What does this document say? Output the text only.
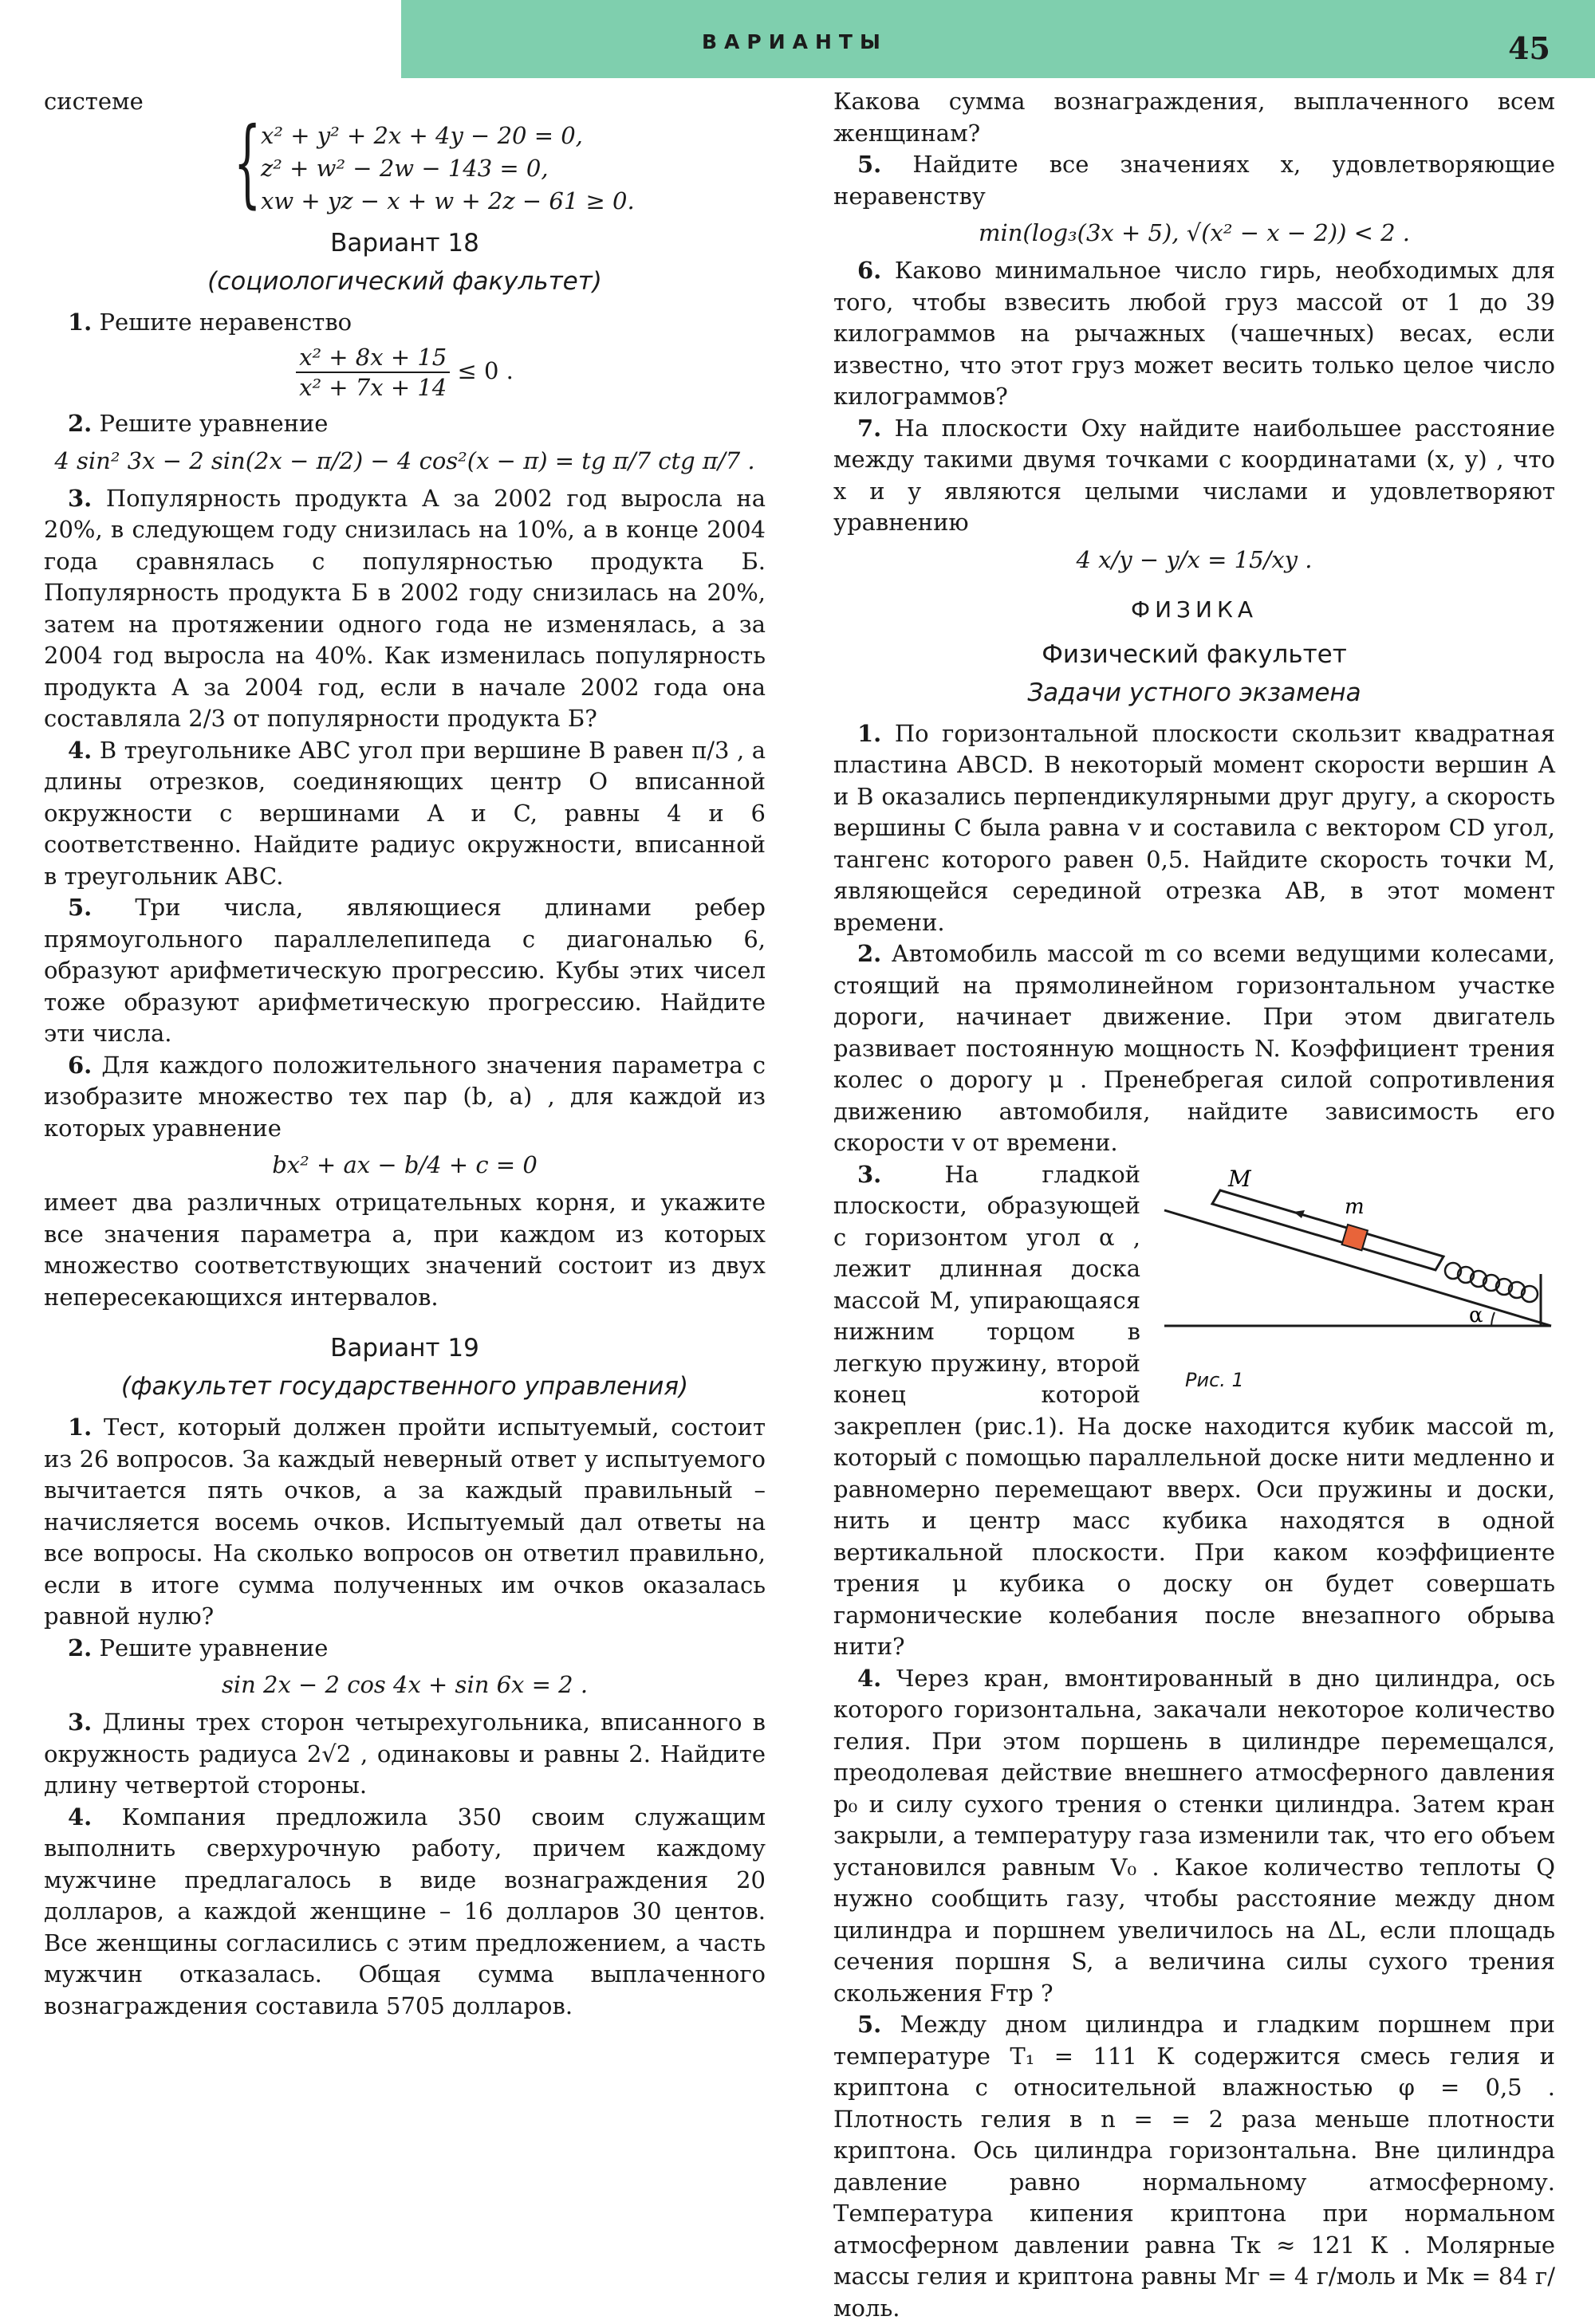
ВАРИАНТЫ	45

системе

{ x² + y² + 2x + 4y − 20 = 0,
z² + w² − 2w − 143 = 0,
xw + yz − x + w + 2z − 61 ≥ 0.
Вариант 18
(социологический факультет)

1. Решите неравенство

$\frac{\text{x² + 8x + 15}}{\text{x² + 7x + 14}} \le 0$ .

2. Решите уравнение

4 sin² 3x − 2 sin(2x − π/2) − 4 cos²(x − π) = tg π/7 ctg π/7 .

3. Популярность продукта А за 2002 год выросла на 20%, в следующем году снизилась на 10%, а в конце 2004 года сравнялась с популярностью продукта Б. Популярность продукта Б в 2002 году снизилась на 20%, затем на протяжении одного года не изменялась, а за 2004 год выросла на 40%. Как изменилась популярность продукта А за 2004 год, если в начале 2002 года она составляла 2/3 от популярности продукта Б?

4. В треугольнике ABC угол при вершине B равен π/3 , а длины отрезков, соединяющих центр O вписанной окружности с вершинами A и C, равны 4 и 6 соответственно. Найдите радиус окружности, вписанной в треугольник ABC.

5. Три числа, являющиеся длинами ребер прямоугольного параллелепипеда с диагональю 6, образуют арифметическую прогрессию. Кубы этих чисел тоже образуют арифметическую прогрессию. Найдите эти числа.

6. Для каждого положительного значения параметра c изобразите множество тех пар (b, a) , для каждой из которых уравнение

bx² + ax − b/4 + c = 0

имеет два различных отрицательных корня, и укажите все значения параметра a, при каждом из которых множество соответствующих значений состоит из двух непересекающихся интервалов.

Вариант 19
(факультет государственного управления)

1. Тест, который должен пройти испытуемый, состоит из 26 вопросов. За каждый неверный ответ у испытуемого вычитается пять очков, а за каждый правильный – начисляется восемь очков. Испытуемый дал ответы на все вопросы. На сколько вопросов он ответил правильно, если в итоге сумма полученных им очков оказалась равной нулю?

2. Решите уравнение

sin 2x − 2 cos 4x + sin 6x = 2 .

3. Длины трех сторон четырехугольника, вписанного в окружность радиуса 2√2 , одинаковы и равны 2. Найдите длину четвертой стороны.

4. Компания предложила 350 своим служащим выполнить сверхурочную работу, причем каждому мужчине предлагалось в виде вознаграждения 20 долларов, а каждой женщине – 16 долларов 30 центов. Все женщины согласились с этим предложением, а часть мужчин отказалась. Общая сумма выплаченного вознаграждения составила 5705 долларов.

Какова сумма вознаграждения, выплаченного всем женщинам?

5. Найдите все значениях x, удовлетворяющие неравенству

min(log₃(3x + 5), √(x² − x − 2)) < 2 .

6. Каково минимальное число гирь, необходимых для того, чтобы взвесить любой груз массой от 1 до 39 килограммов на рычажных (чашечных) весах, если известно, что этот груз может весить только целое число килограммов?

7. На плоскости Oxy найдите наибольшее расстояние между такими двумя точками с координатами (x, y) , что x и y являются целыми числами и удовлетворяют уравнению

4 x/y − y/x = 15/xy .
ФИЗИКА
Физический факультет
Задачи устного экзамена

1. По горизонтальной плоскости скользит квадратная пластина ABCD. В некоторый момент скорости вершин A и B оказались перпендикулярными друг другу, а скорость вершины C была равна v и составила с вектором CD угол, тангенс которого равен 0,5. Найдите скорость точки M, являющейся серединой отрезка AB, в этот момент времени.

2. Автомобиль массой m со всеми ведущими колесами, стоящий на прямолинейном горизонтальном участке дороги, начинает движение. При этом двигатель развивает постоянную мощность N. Коэффициент трения колес о дорогу μ . Пренебрегая силой сопротивления движению автомобиля, найдите зависимость его скорости v от времени.

M
m
α
Рис. 1
3.	На гладкой плоскости, образующей с горизонтом угол α , лежит длинная доска массой M, упирающаяся нижним торцом в легкую пружину, второй конец которой закреплен (рис.1). На доске находится кубик массой m, который с помощью параллельной доске нити медленно и равномерно перемещают вверх. Оси пружины и доски, нить и центр масс кубика находятся в одной вертикальной плоскости. При каком коэффициенте трения μ кубика о доску он будет совершать гармонические колебания после внезапного обрыва нити?

4. Через кран, вмонтированный в дно цилиндра, ось которого горизонтальна, закачали некоторое количество гелия. При этом поршень в цилиндре перемещался, преодолевая действие внешнего атмосферного давления p₀ и силу сухого трения о стенки цилиндра. Затем кран закрыли, а температуру газа изменили так, что его объем установился равным V₀ . Какое количество теплоты Q нужно сообщить газу, чтобы расстояние между дном цилиндра и поршнем увеличилось на ΔL, если площадь сечения поршня S, а величина силы сухого трения скольжения Fтр ?

5. Между дном цилиндра и гладким поршнем при температуре T₁ = 111 К содержится смесь гелия и криптона с относительной влажностью φ = 0,5 . Плотность гелия в n = = 2 раза меньше плотности криптона. Ось цилиндра горизонтальна. Вне цилиндра давление равно нормальному атмосферному. Температура кипения криптона при нормальном атмосферном давлении равна Tк ≈ 121 К . Молярные массы гелия и криптона равны Mг = 4 г/моль и Mк = 84 г/моль.
